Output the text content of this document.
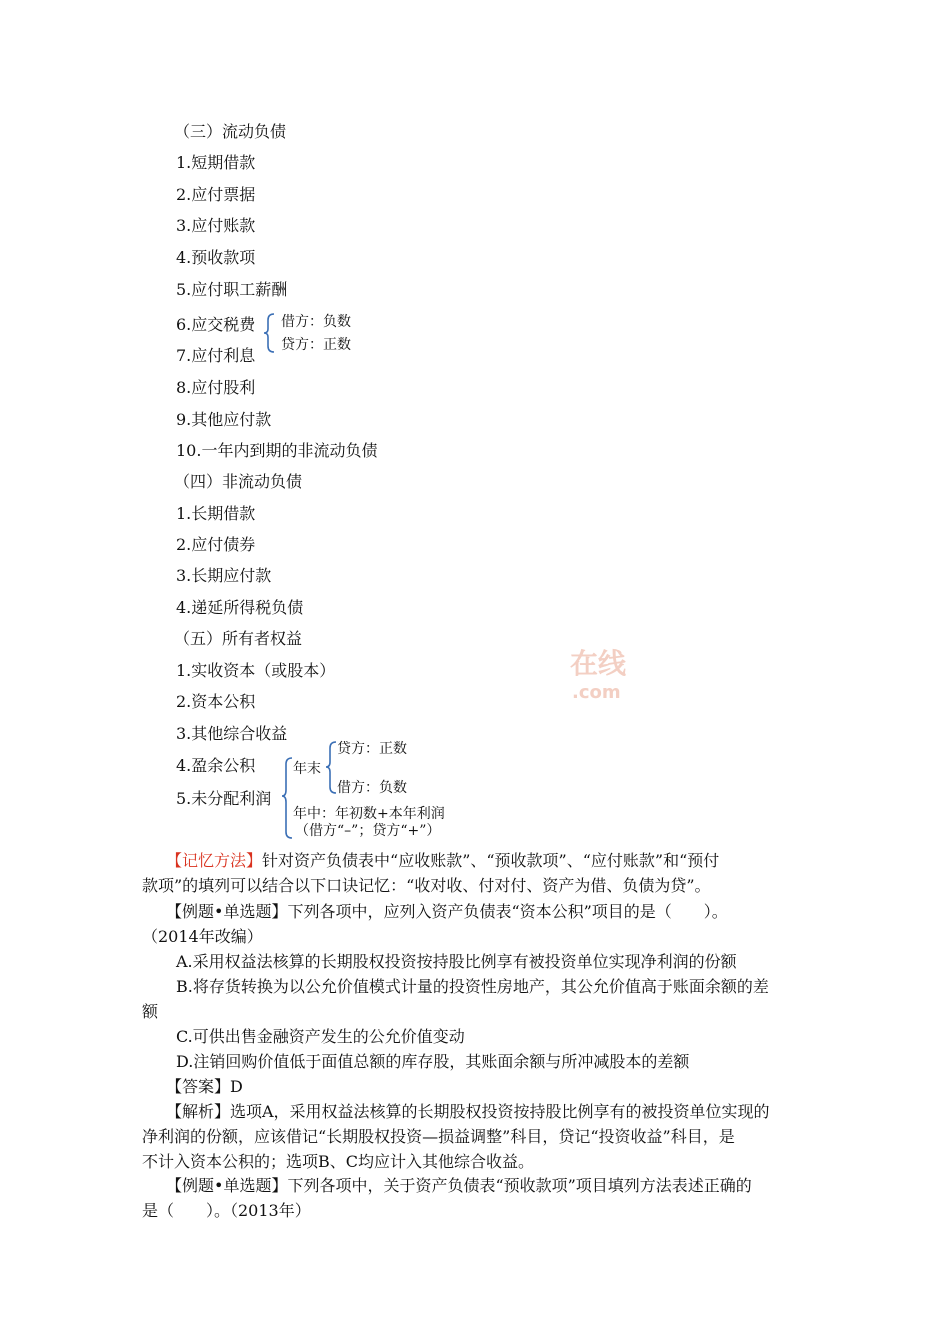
（三）流动负债
1.短期借款
2.应付票据
3.应付账款
4.预收款项
5.应付职工薪酬
6.应交税费 借方：负数
贷方：正数
7.应付利息
8.应付股利
9.其他应付款
10.一年内到期的非流动负债
（四）非流动负债
1.长期借款
2.应付债券
3.长期应付款
4.递延所得税负债
（五）所有者权益
1.实收资本（或股本）
2.资本公积
3.其他综合收益
4.盈余公积
5.未分配利润
在线
.com
年末
贷方：正数
借方：负数
年中：年初数+本年利润
（借方“–”；贷方“+”）
【记忆方法】针对资产负债表中“应收账款”、“预收款项”、“应付账款”和“预付
款项”的填列可以结合以下口诀记忆：“收对收、付对付、资产为借、负债为贷”。
【例题•单选题】下列各项中，应列入资产负债表“资本公积”项目的是（　　）。
（2014年改编）
A.采用权益法核算的长期股权投资按持股比例享有被投资单位实现净利润的份额
B.将存货转换为以公允价值模式计量的投资性房地产，其公允价值高于账面余额的差
额
C.可供出售金融资产发生的公允价值变动
D.注销回购价值低于面值总额的库存股，其账面余额与所冲减股本的差额
【答案】D
【解析】选项A，采用权益法核算的长期股权投资按持股比例享有的被投资单位实现的
净利润的份额，应该借记“长期股权投资—损益调整”科目，贷记“投资收益”科目，是
不计入资本公积的；选项B、C均应计入其他综合收益。
【例题•单选题】下列各项中，关于资产负债表“预收款项”项目填列方法表述正确的
是（　　）。（2013年）
